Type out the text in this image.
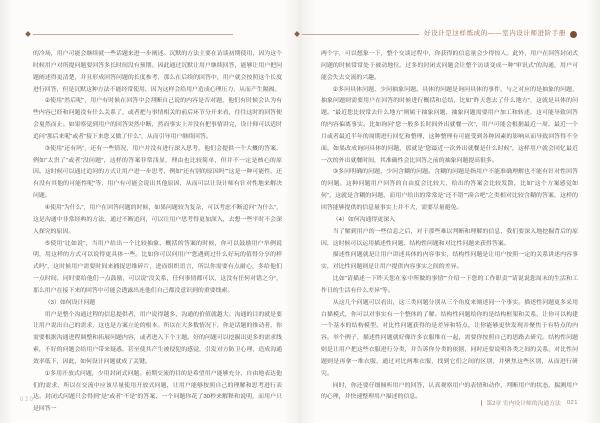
好设计是这样炼成的——室内设计师进阶手册

的冷场，用户可能会继续就一些话题来进一步阐述。沉默的方法主要在访谈初期使用，因为这个时候用户对所提问题要回答多长时间没有预期。因此通过沉默让用户继续回答，能够让用户把问题阐述得更清楚，并且形成回答问题的长度参考，那么在后续的回答中，用户就会按照这个长度进行回答，但是沉默这种方法不能经常使用，因为这样会给用户造成心理压力，从而产生隔阂。

②使用“然后呢”，用户有时候在回答中会判断自己说的内容是否对题，他们有时候会认为有些内容已经和问题没有什么关系了，或者把与事情相关的前后环节分开来看，往往这时的回答便会戛然而止。如果察觉到用户的回答突然中断，然而事实上并没有把事情讲完，设计师可以适时追问“那后来呢”或者“接下来您又做了什么”，从而引导用户继续回答。

③使用“还有吗”，还有一些情况，用户并没有进行深入思考，他们会提供一个大概的答案，例如“太贵了”或者“没问题”，这样的答案非常浅显，理由也比较简单，但并不一定是核心的原因。这时候可以通过追问的方式让用户进一步思考，例如“还有别的原因吗”“这是一种可能性，还有没有其他的可能性呢”等，用户有可能会说出其他原因，从而可以让设计师有针对性地来解决问题。

④使用“为什么”，用户在回答问题的时候，如果问题较为复杂，可以考虑不断追问“为什么”，这是沟通中非常经典的方法，通过不断追问，可以让用户思考得更加深入，去想一些平时不会深入探究的原因。

⑤使用“比如说”，当用户给出一个比较抽象、概括的答案的时候，你可以鼓励用户举例说明，用这样的方式可以说得更具体一些。比如你可以问用户“您遇到过什么好玩的值得分享的样式吗”，这时候用户需要时间来捕捉思维碎片，进而组织语言，所以你需要有点耐心，多给他们一点时间，同时要给他们一点鼓励，可以说“没关系，任何事情都可以，这没有任何对错之分”，那么用户在接下来的回答中可能会透露出连他们自己都没意识到的重要线索。

（3）如何设计问题

用户是整个沟通过程的信息提供者，用户说得越多，沟通的价值就越大。沟通的目的就是要让用户说出自己的需求，这也是方案立论的根本。所以在大多数情况下，你是话题的推动者，你需要根据沟通进程调整和拓展问题内容，或者进入下个主题。好的问题可以挖掘出更多的需求线索，不好的问题会给用户带来疑惑，甚至使其产生被侵犯的感觉，引发对方防卫心理，造成沟通效率低下，因此，如何设计问题就成了关键。

①多用开放式问题，少用封闭式问题。前期交流的目的是希望用户能够充分、自由地表达他们的需求，所以在交流中应该尽量使用开放式问题，让用户能够按照自己的理解和思考进行表达。封闭式问题只会得到“是”或者“不是”的答案，一个问题你花了30秒来解释和说明，而用户只是回答一

两个字，可以想象一下，整个交谈过程中，你获得的信息量会少得惊人。此外，用户在回答封闭式问题的时候常常处于被动地位。过多的封闭式问题会让整个访谈变成一种“审讯式”的沟通，用户可能会失去交流的兴趣。

②多问具体问题，少问抽象问题。具体的问题是询问具体的事件，与之对应的是抽象的问题，抽象问题则需要用户在回答的时候进行概括和总结，比如“昨天您去了什么地方”，这就是具体的问题。“最近您比较常去什么地方”则属于抽象问题，抽象问题需要用户加工和转述，这可能导致回答的内容偏离事实。比如询问“您一般多长时间外出就餐一次”，用户可能会根据最近一周、最近一个月或者最近半年的周期进行回忆和整理，这种整理有可能受到各种因素的影响从而导致回答得不全面。如果改成询问具体的问题，那就是“您最近一次外出就餐是什么时候”，这样用户就会回忆最近一次的外出就餐时间，其准确性会比回答之前的抽象问题提高很多。

③多问明确的问题，少问含糊的问题。含糊的问题是指用户不能准确理解也不能有针对性回答的问题。这种问题用户回答的自由度会比较大，给出的答案会比较发散，比如“这个方案感觉如何”，这就是含糊的问题，而用户给出的常常是“还不错”“凑合吧”之类相对比较含糊的答案，这样的回答能够提供的信息量事实上并不大，需要尽量避免。

（4）如何沟通得更深入

当了解到用户的一些信息之后，对于那些难以判断和理解的信息，我们要深入地挖掘背后的原因，这时候可以运用描述性问题、结构性问题和对比性问题来获得答案。

描述性问题就是让用户讲述具体的内容事实，结构性问题是让用户按照一定的关系讲述内容事实，对比性问题则是让用户提供内容事实之间的差异。

比如“请描述一下昨天您在家中所做的事情”“介绍一下您的工作职责”“请说说您周末的生活和工作日的生活有什么差异”等。

从这几个问题可以看出，这三类问题分别从三个角度来阐述同一个事实。描述性问题更多采用白描模式，你可以对事实有一个整体的了解。结构性问题给你的是结构框架和关系，让你可以构建一个基本的结构模型。对比性问题获得的是差异和特点，让你能够更快发现并聚焦于有特点的内容。举个例子，描述性问题就好像许多衣服堆在一起，需要你按照自己的思路去研究。结构性问题则是让用户把这些衣服进行分类，并告诉你分类的依据，同时还要说明各类之间的关系。对比性问题则是再拿一堆衣服，通过对比两堆衣服，找到它们之间的区别，并聚焦这些区别，从而进行研究。

同时，你还要仔细倾听用户的回答，认真观察用户的表情和动作，判断用户的状态，揣测用户的心理，并快速整理用户描述的信息。

020
第2章 室内设计师的沟通方法 021
